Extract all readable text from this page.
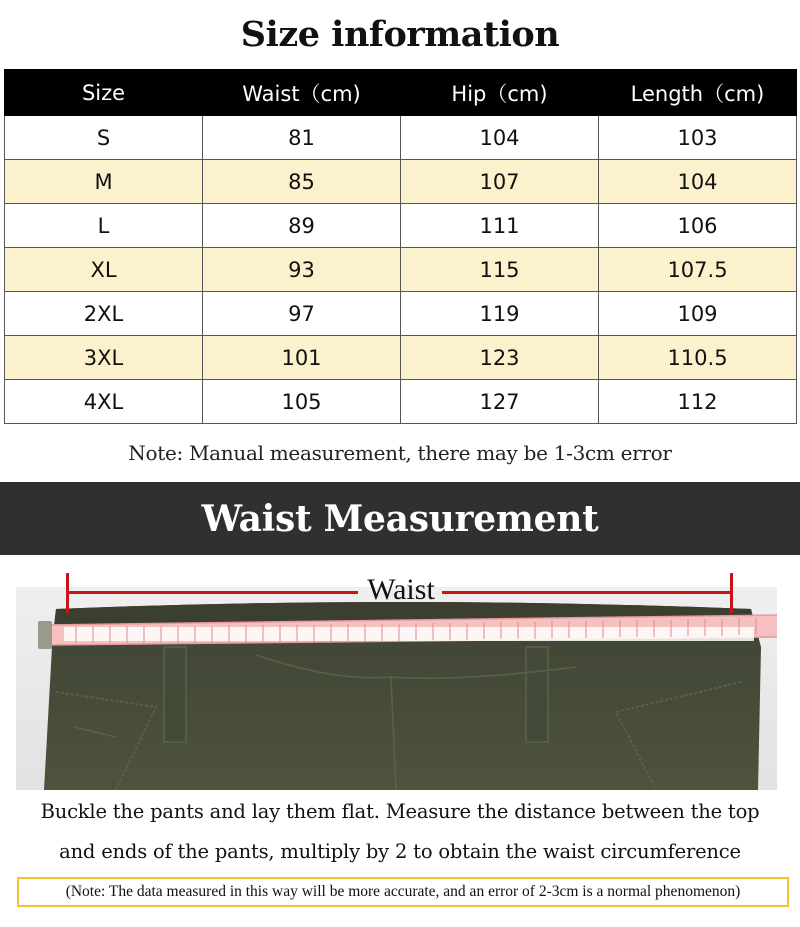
Size information
Size	Waist（cm)	Hip（cm)	Length（cm)
S	81	104	103
M	85	107	104
L	89	111	106
XL	93	115	107.5
2XL	97	119	109
3XL	101	123	110.5
4XL	105	127	112
Note: Manual measurement, there may be 1-3cm error
Waist Measurement
Waist
Buckle the pants and lay them flat. Measure the distance between the top
and ends of the pants, multiply by 2 to obtain the waist circumference
(Note: The data measured in this way will be more accurate, and an error of 2-3cm is a normal phenomenon)
